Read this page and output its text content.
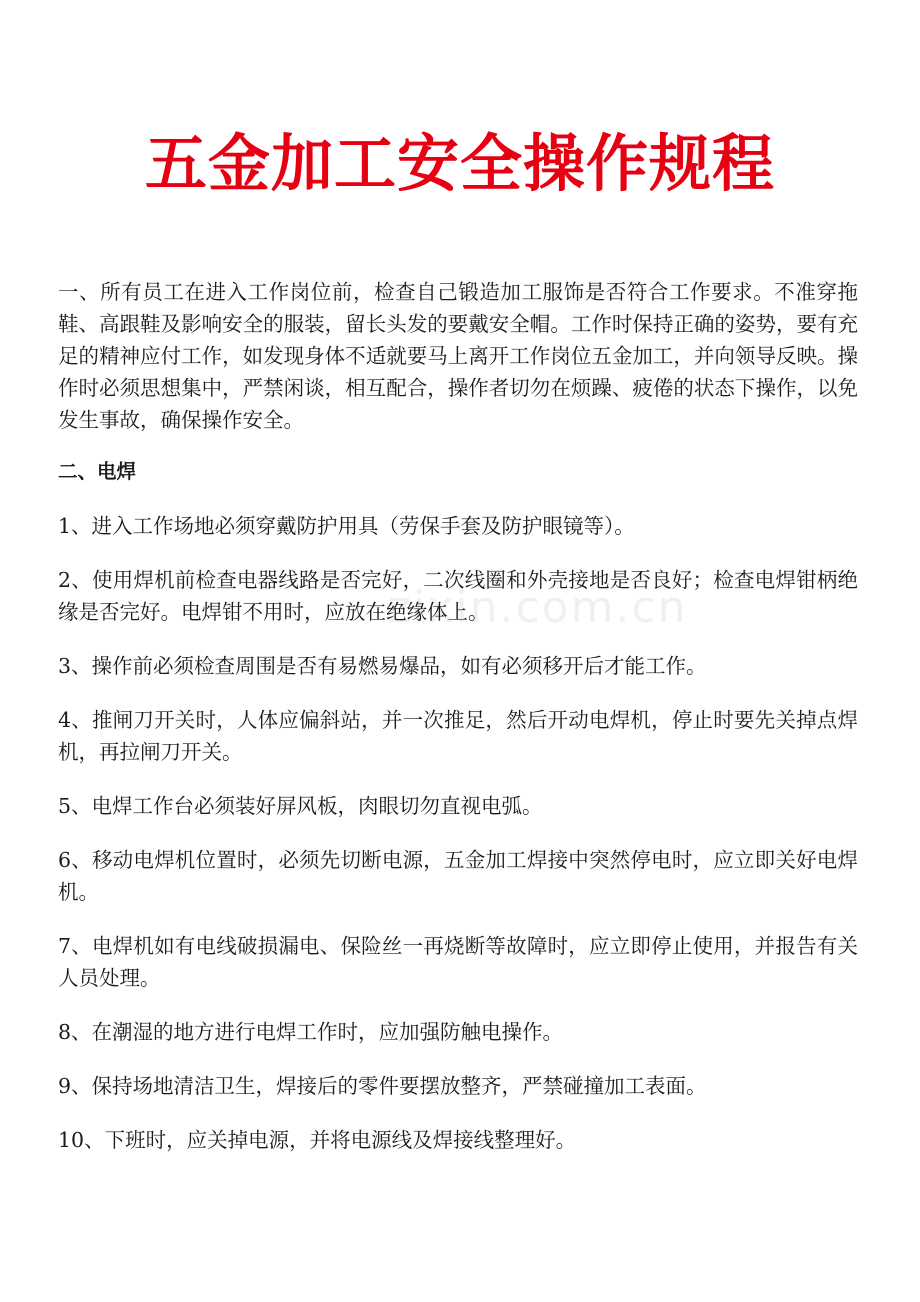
五金加工安全操作规程
zixin.com.cn

一、所有员工在进入工作岗位前，检查自己锻造加工服饰是否符合工作要求。不准穿拖鞋、高跟鞋及影响安全的服装，留长头发的要戴安全帽。工作时保持正确的姿势，要有充足的精神应付工作，如发现身体不适就要马上离开工作岗位五金加工，并向领导反映。操作时必须思想集中，严禁闲谈，相互配合，操作者切勿在烦躁、疲倦的状态下操作，以免发生事故，确保操作安全。

二、电焊

1、进入工作场地必须穿戴防护用具（劳保手套及防护眼镜等）。

2、使用焊机前检查电器线路是否完好，二次线圈和外壳接地是否良好；检查电焊钳柄绝缘是否完好。电焊钳不用时，应放在绝缘体上。

3、操作前必须检查周围是否有易燃易爆品，如有必须移开后才能工作。

4、推闸刀开关时，人体应偏斜站，并一次推足，然后开动电焊机，停止时要先关掉点焊机，再拉闸刀开关。

5、电焊工作台必须装好屏风板，肉眼切勿直视电弧。

6、移动电焊机位置时，必须先切断电源，五金加工焊接中突然停电时，应立即关好电焊机。

7、电焊机如有电线破损漏电、保险丝一再烧断等故障时，应立即停止使用，并报告有关人员处理。

8、在潮湿的地方进行电焊工作时，应加强防触电操作。

9、保持场地清洁卫生，焊接后的零件要摆放整齐，严禁碰撞加工表面。

10、下班时，应关掉电源，并将电源线及焊接线整理好。
